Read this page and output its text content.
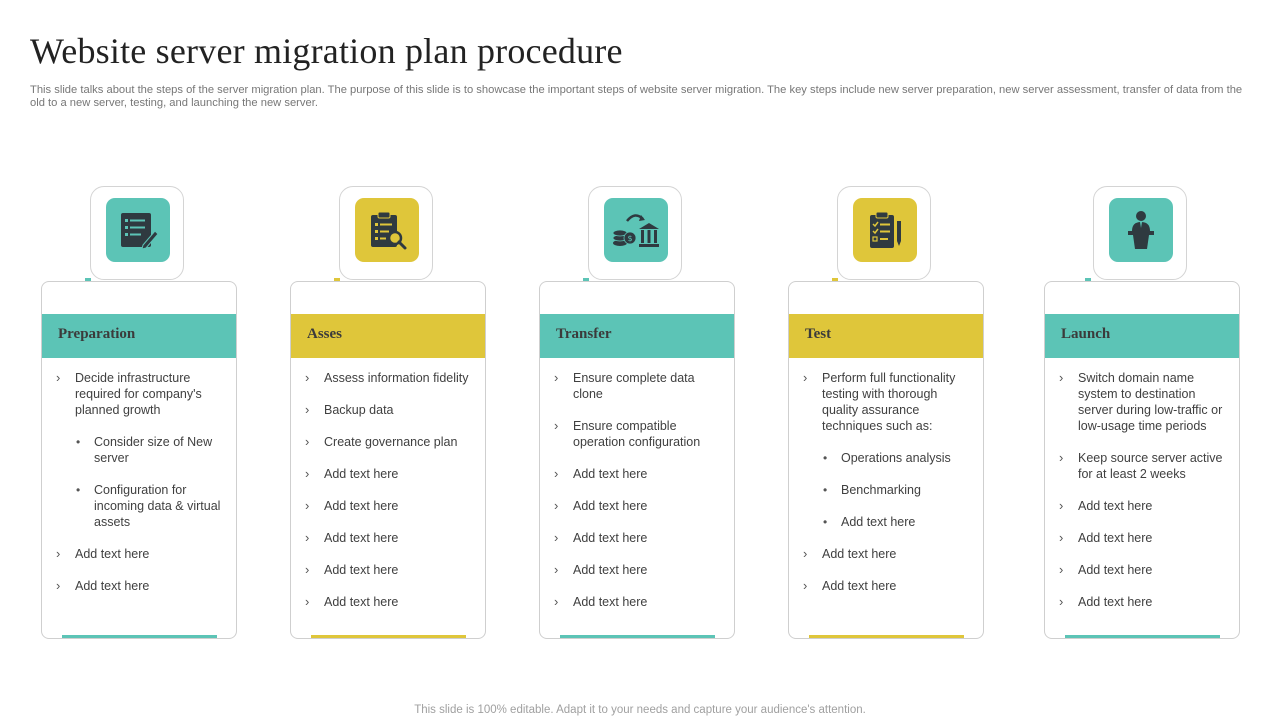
Website server migration plan procedure

This slide talks about the steps of the server migration plan. The purpose of this slide is to showcase the important steps of website server migration. The key steps include new server preparation, new server assessment, transfer of data from the old to a new server, testing, and launching the new server.

Preparation
› Decide infrastructure required for company's planned growth
• Consider size of New server
• Configuration for incoming data & virtual assets
› Add text here
› Add text here
Asses
› Assess information fidelity
› Backup data
› Create governance plan
› Add text here
› Add text here
› Add text here
› Add text here
› Add text here
$
Transfer
› Ensure complete data clone
› Ensure compatible operation configuration
› Add text here
› Add text here
› Add text here
› Add text here
› Add text here
Test
› Perform full functionality testing with thorough quality assurance techniques such as:
• Operations analysis
• Benchmarking
• Add text here
› Add text here
› Add text here
Launch
› Switch domain name system to destination server during low-traffic or low-usage time periods
› Keep source server active for at least 2 weeks
› Add text here
› Add text here
› Add text here
› Add text here
This slide is 100% editable. Adapt it to your needs and capture your audience's attention.
